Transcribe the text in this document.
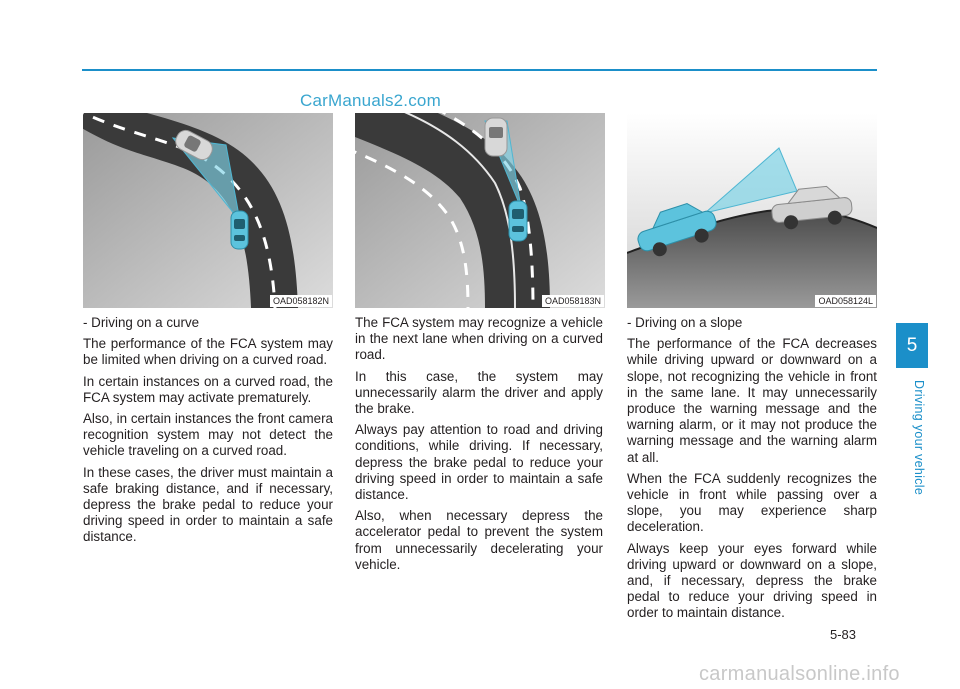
CarManuals2.com
OAD058182N	OAD058183N	OAD058124L

- Driving on a curve

The performance of the FCA system may be limited when driving on a curved road.

In certain instances on a curved road, the FCA system may activate prematurely.

Also, in certain instances the front camera recognition system may not detect the vehicle traveling on a curved road.

In these cases, the driver must maintain a safe braking distance, and if necessary, depress the brake pedal to reduce your driving speed in order to maintain a safe distance.

The FCA system may recognize a vehicle in the next lane when driving on a curved road.

In this case, the system may unnecessarily alarm the driver and apply the brake.

Always pay attention to road and driving conditions, while driving. If necessary, depress the brake pedal to reduce your driving speed in order to maintain a safe distance.

Also, when necessary depress the accelerator pedal to prevent the system from unnecessarily decelerating your vehicle.

- Driving on a slope

The performance of the FCA decreases while driving upward or downward on a slope, not recognizing the vehicle in front in the same lane. It may unnecessarily produce the warning message and the warning alarm, or it may not produce the warning message and the warning alarm at all.

When the FCA suddenly recognizes the vehicle in front while passing over a slope, you may experience sharp deceleration.

Always keep your eyes forward while driving upward or downward on a slope, and, if necessary, depress the brake pedal to reduce your driving speed in order to maintain distance.

5
Driving your vehicle
5-83
carmanualsonline.info
